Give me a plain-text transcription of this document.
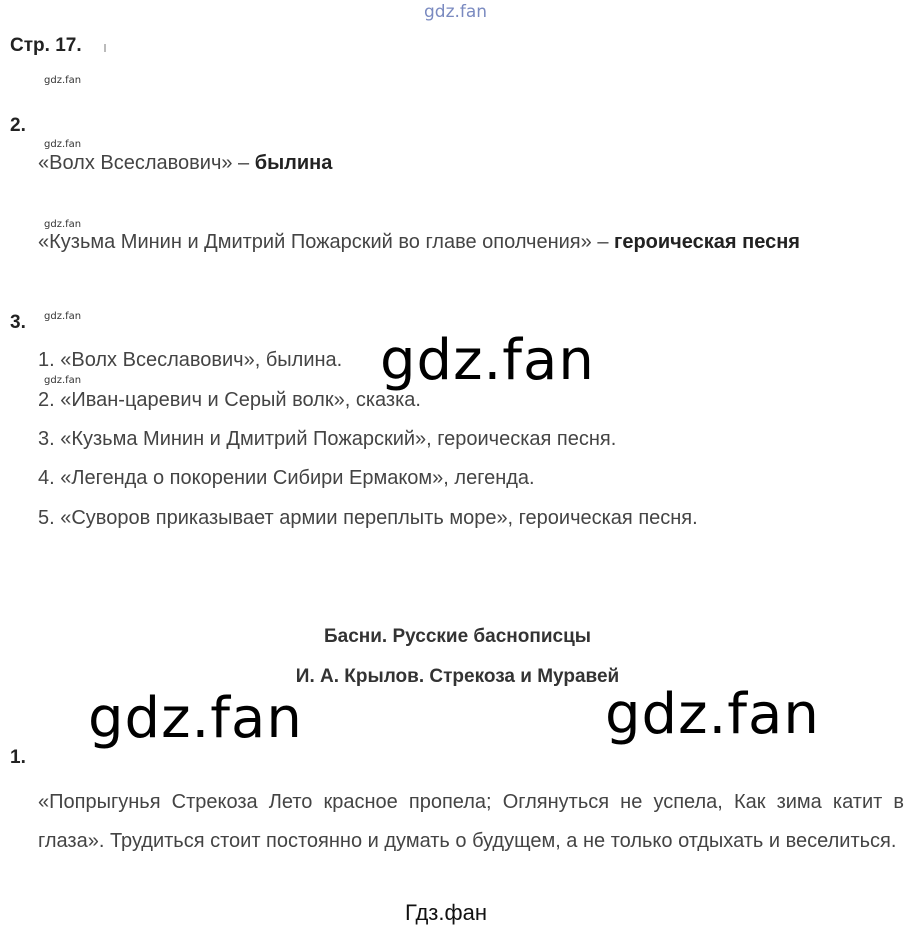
gdz.fan
Стр. 17.
gdz.fan
2.
gdz.fan
«Волх Всеславович» – былина
gdz.fan
«Кузьма Минин и Дмитрий Пожарский во главе ополчения» – героическая песня
3. gdz.fan
1. «Волх Всеславович», былина.
gdz.fan
2. «Иван-царевич и Серый волк», сказка.
3. «Кузьма Минин и Дмитрий Пожарский», героическая песня.
4. «Легенда о покорении Сибири Ермаком», легенда.
5. «Суворов приказывает армии переплыть море», героическая песня.
gdz.fan
Басни. Русские баснописцы
И. А. Крылов. Стрекоза и Муравей
gdz.fan	gdz.fan
1.
«Попрыгунья Стрекоза Лето красное пропела; Оглянуться не успела, Как зима катит в глаза». Трудиться стоит постоянно и думать о будущем, а не только отдыхать и веселиться.
Гдз.фан
